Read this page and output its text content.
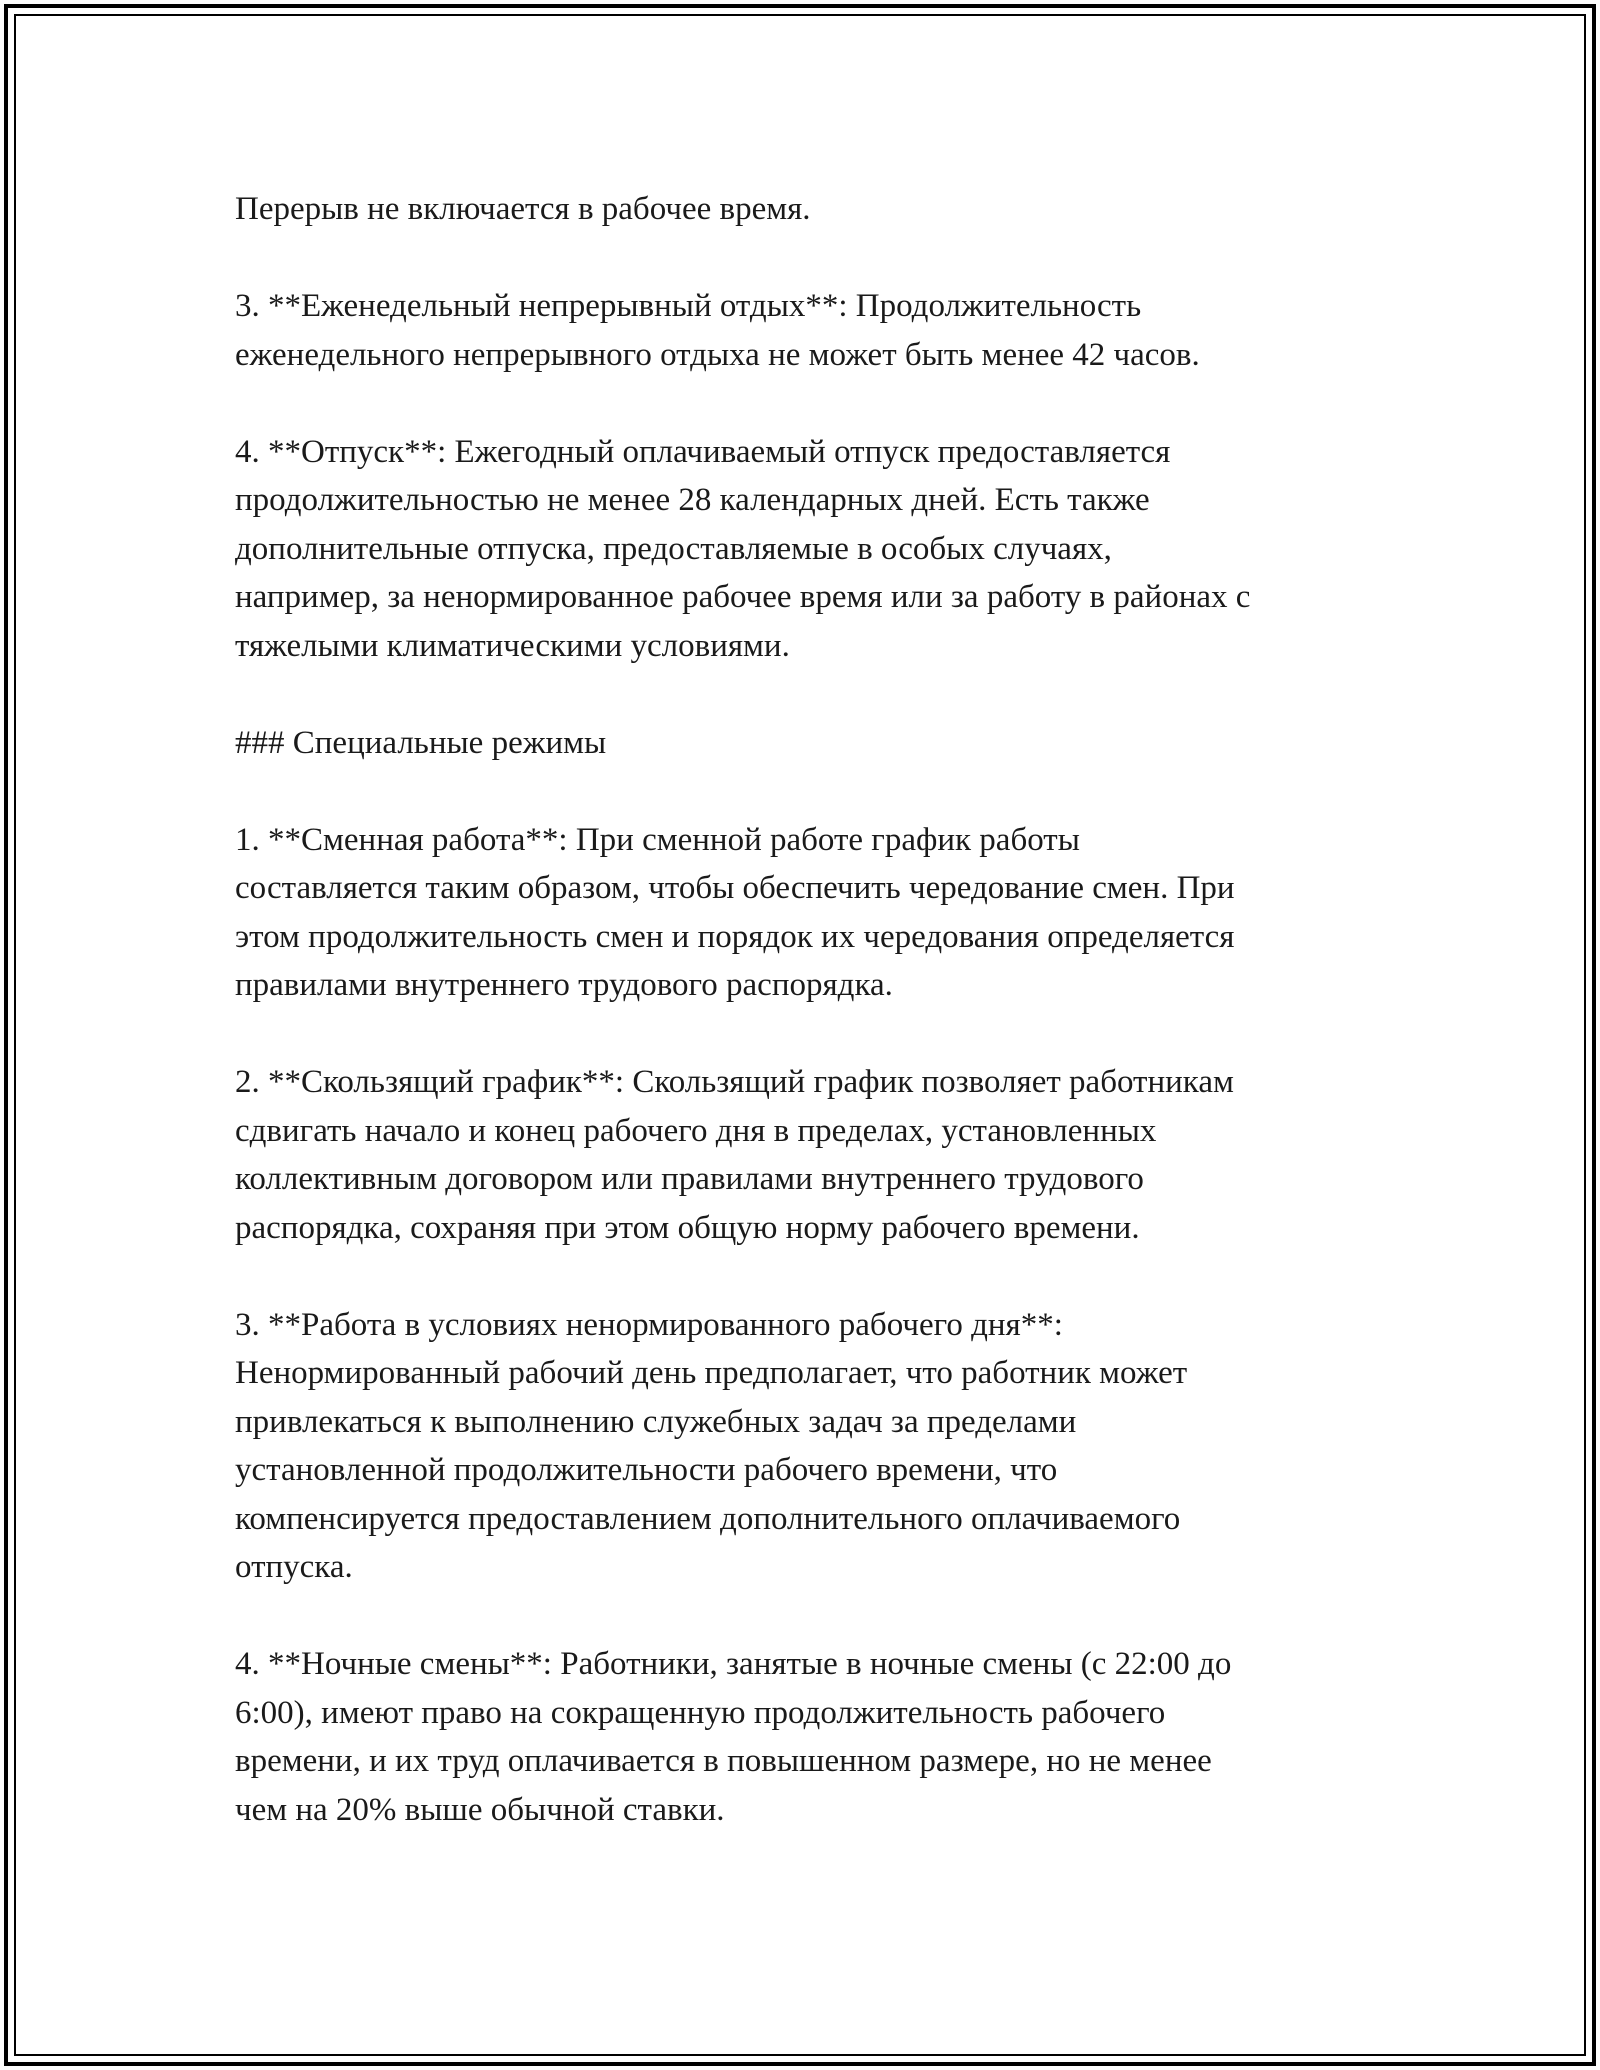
Перерыв не включается в рабочее время.

3. **Еженедельный непрерывный отдых**: Продолжительность
еженедельного непрерывного отдыха не может быть менее 42 часов.

4. **Отпуск**: Ежегодный оплачиваемый отпуск предоставляется
продолжительностью не менее 28 календарных дней. Есть также
дополнительные отпуска, предоставляемые в особых случаях,
например, за ненормированное рабочее время или за работу в районах с
тяжелыми климатическими условиями.

### Специальные режимы

1. **Сменная работа**: При сменной работе график работы
составляется таким образом, чтобы обеспечить чередование смен. При
этом продолжительность смен и порядок их чередования определяется
правилами внутреннего трудового распорядка.

2. **Скользящий график**: Скользящий график позволяет работникам
сдвигать начало и конец рабочего дня в пределах, установленных
коллективным договором или правилами внутреннего трудового
распорядка, сохраняя при этом общую норму рабочего времени.

3. **Работа в условиях ненормированного рабочего дня**:
Ненормированный рабочий день предполагает, что работник может
привлекаться к выполнению служебных задач за пределами
установленной продолжительности рабочего времени, что
компенсируется предоставлением дополнительного оплачиваемого
отпуска.

4. **Ночные смены**: Работники, занятые в ночные смены (с 22:00 до
6:00), имеют право на сокращенную продолжительность рабочего
времени, и их труд оплачивается в повышенном размере, но не менее
чем на 20% выше обычной ставки.
